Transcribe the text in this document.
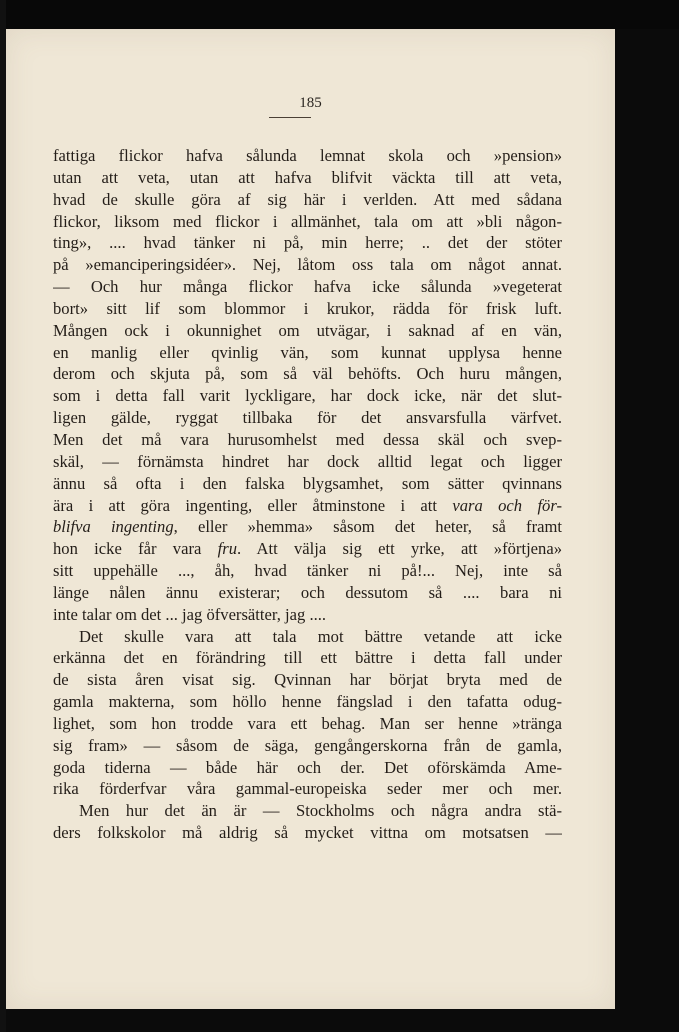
185
fattiga flickor hafva sålunda lemnat skola och »pension»
utan att veta, utan att hafva blifvit väckta till att veta,
hvad de skulle göra af sig här i verlden. Att med sådana
flickor, liksom med flickor i allmänhet, tala om att »bli någon-
ting», .... hvad tänker ni på, min herre; .. det der stöter
på »emanciperingsidéer». Nej, låtom oss tala om något annat.
— Och hur många flickor hafva icke sålunda »vegeterat
bort» sitt lif som blommor i krukor, rädda för frisk luft.
Mången ock i okunnighet om utvägar, i saknad af en vän,
en manlig eller qvinlig vän, som kunnat upplysa henne
derom och skjuta på, som så väl behöfts. Och huru mången,
som i detta fall varit lyckligare, har dock icke, när det slut-
ligen gälde, ryggat tillbaka för det ansvarsfulla värfvet.
Men det må vara hurusomhelst med dessa skäl och svep-
skäl, — förnämsta hindret har dock alltid legat och ligger
ännu så ofta i den falska blygsamhet, som sätter qvinnans
ära i att göra ingenting, eller åtminstone i att vara och för-
blifva ingenting, eller »hemma» såsom det heter, så framt
hon icke får vara fru. Att välja sig ett yrke, att »förtjena»
sitt uppehälle ..., åh, hvad tänker ni på!... Nej, inte så
länge nålen ännu existerar; och dessutom så .... bara ni
inte talar om det ... jag öfversätter, jag ....
Det skulle vara att tala mot bättre vetande att icke
erkänna det en förändring till ett bättre i detta fall under
de sista åren visat sig. Qvinnan har börjat bryta med de
gamla makterna, som höllo henne fängslad i den tafatta odug-
lighet, som hon trodde vara ett behag. Man ser henne »tränga
sig fram» — såsom de säga, gengångerskorna från de gamla,
goda tiderna — både här och der. Det oförskämda Ame-
rika förderfvar våra gammal-europeiska seder mer och mer.
Men hur det än är — Stockholms och några andra stä-
ders folkskolor må aldrig så mycket vittna om motsatsen —
